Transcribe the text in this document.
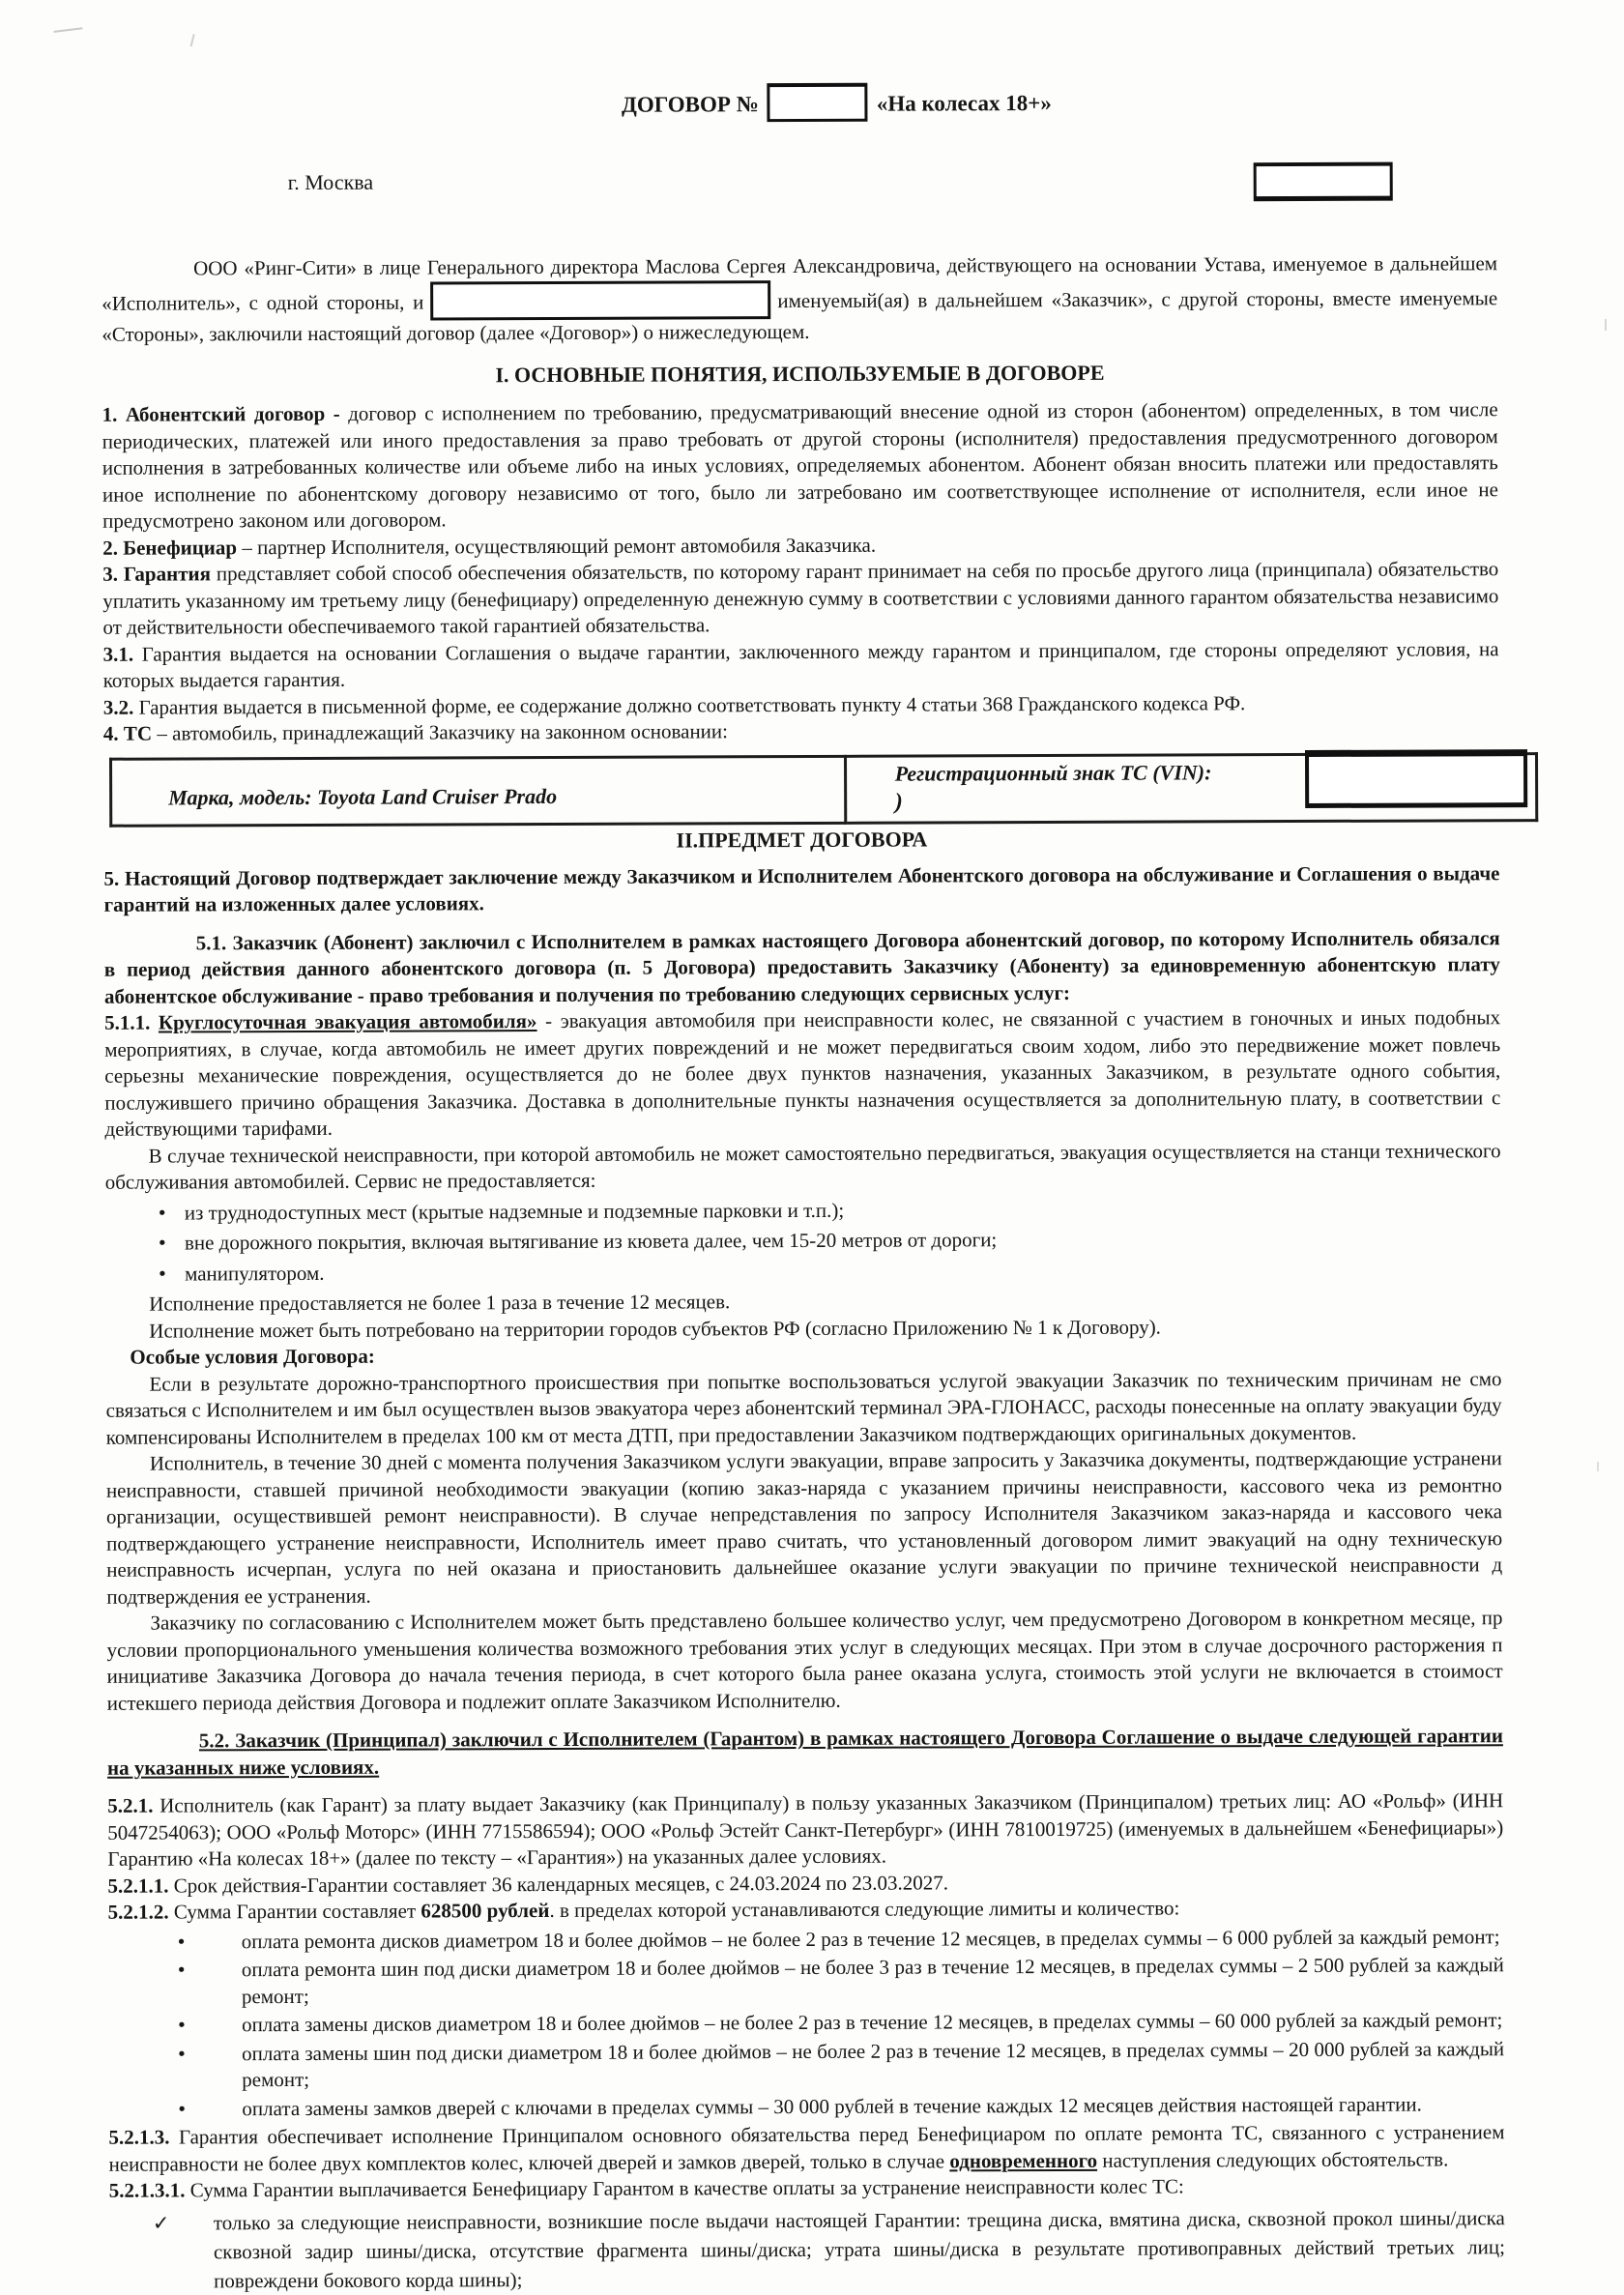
ДОГОВОР №	«На колесах 18+»
г. Москва

ООО «Ринг-Сити» в лице Генерального директора Маслова Сергея Александровича, действующего на основании Устава, именуемое в дальнейшем «Исполнитель», с одной стороны, и	именуемый(ая) в дальнейшем «Заказчик», с другой стороны, вместе именуемые «Стороны», заключили настоящий договор (далее «Договор») о нижеследующем.

I. ОСНОВНЫЕ ПОНЯТИЯ, ИСПОЛЬЗУЕМЫЕ В ДОГОВОРЕ

1. Абонентский договор - договор с исполнением по требованию, предусматривающий внесение одной из сторон (абонентом) определенных, в том числе периодических, платежей или иного предоставления за право требовать от другой стороны (исполнителя) предоставления предусмотренного договором исполнения в затребованных количестве или объеме либо на иных условиях, определяемых абонентом. Абонент обязан вносить платежи или предоставлять иное исполнение по абонентскому договору независимо от того, было ли затребовано им соответствующее исполнение от исполнителя, если иное не предусмотрено законом или договором.

2. Бенефициар – партнер Исполнителя, осуществляющий ремонт автомобиля Заказчика.

3. Гарантия представляет собой способ обеспечения обязательств, по которому гарант принимает на себя по просьбе другого лица (принципала) обязательство уплатить указанному им третьему лицу (бенефициару) определенную денежную сумму в соответствии с условиями данного гарантом обязательства независимо от действительности обеспечиваемого такой гарантией обязательства.

3.1. Гарантия выдается на основании Соглашения о выдаче гарантии, заключенного между гарантом и принципалом, где стороны определяют условия, на которых выдается гарантия.

3.2. Гарантия выдается в письменной форме, ее содержание должно соответствовать пункту 4 статьи 368 Гражданского кодекса РФ.

4. ТС – автомобиль, принадлежащий Заказчику на законном основании:

Марка, модель: Toyota Land Cruiser Prado	
Регистрационный знак ТС (VIN):
)
II.ПРЕДМЕТ ДОГОВОРА

5. Настоящий Договор подтверждает заключение между Заказчиком и Исполнителем Абонентского договора на обслуживание и Соглашения о выдаче гарантий на изложенных далее условиях.

5.1. Заказчик (Абонент) заключил с Исполнителем в рамках настоящего Договора абонентский договор, по которому Исполнитель обязался в период действия данного абонентского договора (п. 5 Договора) предоставить Заказчику (Абоненту) за единовременную абонентскую плату абонентское обслуживание - право требования и получения по требованию следующих сервисных услуг:

5.1.1. Круглосуточная эвакуация автомобиля» - эвакуация автомобиля при неисправности колес, не связанной с участием в гоночных и иных подобных мероприятиях, в случае, когда автомобиль не имеет других повреждений и не может передвигаться своим ходом, либо это передвижение может повлечь серьезны механические повреждения, осуществляется до не более двух пунктов назначения, указанных Заказчиком, в результате одного события, послужившего причино обращения Заказчика. Доставка в дополнительные пункты назначения осуществляется за дополнительную плату, в соответствии с действующими тарифами.

В случае технической неисправности, при которой автомобиль не может самостоятельно передвигаться, эвакуация осуществляется на станци технического обслуживания автомобилей. Сервис не предоставляется:

• из труднодоступных мест (крытые надземные и подземные парковки и т.п.);
• вне дорожного покрытия, включая вытягивание из кювета далее, чем 15-20 метров от дороги;
• манипулятором.

Исполнение предоставляется не более 1 раза в течение 12 месяцев.

Исполнение может быть потребовано на территории городов субъектов РФ (согласно Приложению № 1 к Договору).

Особые условия Договора:

Если в результате дорожно-транспортного происшествия при попытке воспользоваться услугой эвакуации Заказчик по техническим причинам не смо связаться с Исполнителем и им был осуществлен вызов эвакуатора через абонентский терминал ЭРА-ГЛОНАСС, расходы понесенные на оплату эвакуации буду компенсированы Исполнителем в пределах 100 км от места ДТП, при предоставлении Заказчиком подтверждающих оригинальных документов.

Исполнитель, в течение 30 дней с момента получения Заказчиком услуги эвакуации, вправе запросить у Заказчика документы, подтверждающие устранени неисправности, ставшей причиной необходимости эвакуации (копию заказ-наряда с указанием причины неисправности, кассового чека из ремонтно организации, осуществившей ремонт неисправности). В случае непредставления по запросу Исполнителя Заказчиком заказ-наряда и кассового чека подтверждающего устранение неисправности, Исполнитель имеет право считать, что установленный договором лимит эвакуаций на одну техническую неисправность исчерпан, услуга по ней оказана и приостановить дальнейшее оказание услуги эвакуации по причине технической неисправности д подтверждения ее устранения.

Заказчику по согласованию с Исполнителем может быть представлено большее количество услуг, чем предусмотрено Договором в конкретном месяце, пр условии пропорционального уменьшения количества возможного требования этих услуг в следующих месяцах. При этом в случае досрочного расторжения п инициативе Заказчика Договора до начала течения периода, в счет которого была ранее оказана услуга, стоимость этой услуги не включается в стоимост истекшего периода действия Договора и подлежит оплате Заказчиком Исполнителю.

5.2. Заказчик (Принципал) заключил с Исполнителем (Гарантом) в рамках настоящего Договора Соглашение о выдаче следующей гарантии на указанных ниже условиях.

5.2.1. Исполнитель (как Гарант) за плату выдает Заказчику (как Принципалу) в пользу указанных Заказчиком (Принципалом) третьих лиц: АО «Рольф» (ИНН 5047254063); ООО «Рольф Моторс» (ИНН 7715586594); ООО «Рольф Эстейт Санкт-Петербург» (ИНН 7810019725) (именуемых в дальнейшем «Бенефициары») Гарантию «На колесах 18+» (далее по тексту – «Гарантия») на указанных далее условиях.

5.2.1.1. Срок действия-Гарантии составляет 36 календарных месяцев, с 24.03.2024 по 23.03.2027.

5.2.1.2. Сумма Гарантии составляет 628500 рублей. в пределах которой устанавливаются следующие лимиты и количество:

•	оплата ремонта дисков диаметром 18 и более дюймов – не более 2 раз в течение 12 месяцев, в пределах суммы – 6 000 рублей за каждый ремонт;
•	оплата ремонта шин под диски диаметром 18 и более дюймов – не более 3 раз в течение 12 месяцев, в пределах суммы – 2 500 рублей за каждый ремонт;
•	оплата замены дисков диаметром 18 и более дюймов – не более 2 раз в течение 12 месяцев, в пределах суммы – 60 000 рублей за каждый ремонт;
•	оплата замены шин под диски диаметром 18 и более дюймов – не более 2 раз в течение 12 месяцев, в пределах суммы – 20 000 рублей за каждый ремонт;
•	оплата замены замков дверей с ключами в пределах суммы – 30 000 рублей в течение каждых 12 месяцев действия настоящей гарантии.

5.2.1.3. Гарантия обеспечивает исполнение Принципалом основного обязательства перед Бенефициаром по оплате ремонта ТС, связанного с устранением неисправности не более двух комплектов колес, ключей дверей и замков дверей, только в случае одновременного наступления следующих обстоятельств.

5.2.1.3.1. Сумма Гарантии выплачивается Бенефициару Гарантом в качестве оплаты за устранение неисправности колес ТС:

✓ только за следующие неисправности, возникшие после выдачи настоящей Гарантии: трещина диска, вмятина диска, сквозной прокол шины/диска сквозной задир шины/диска, отсутствие фрагмента шины/диска; утрата шины/диска в результате противоправных действий третьих лиц; повреждени бокового корда шины);
